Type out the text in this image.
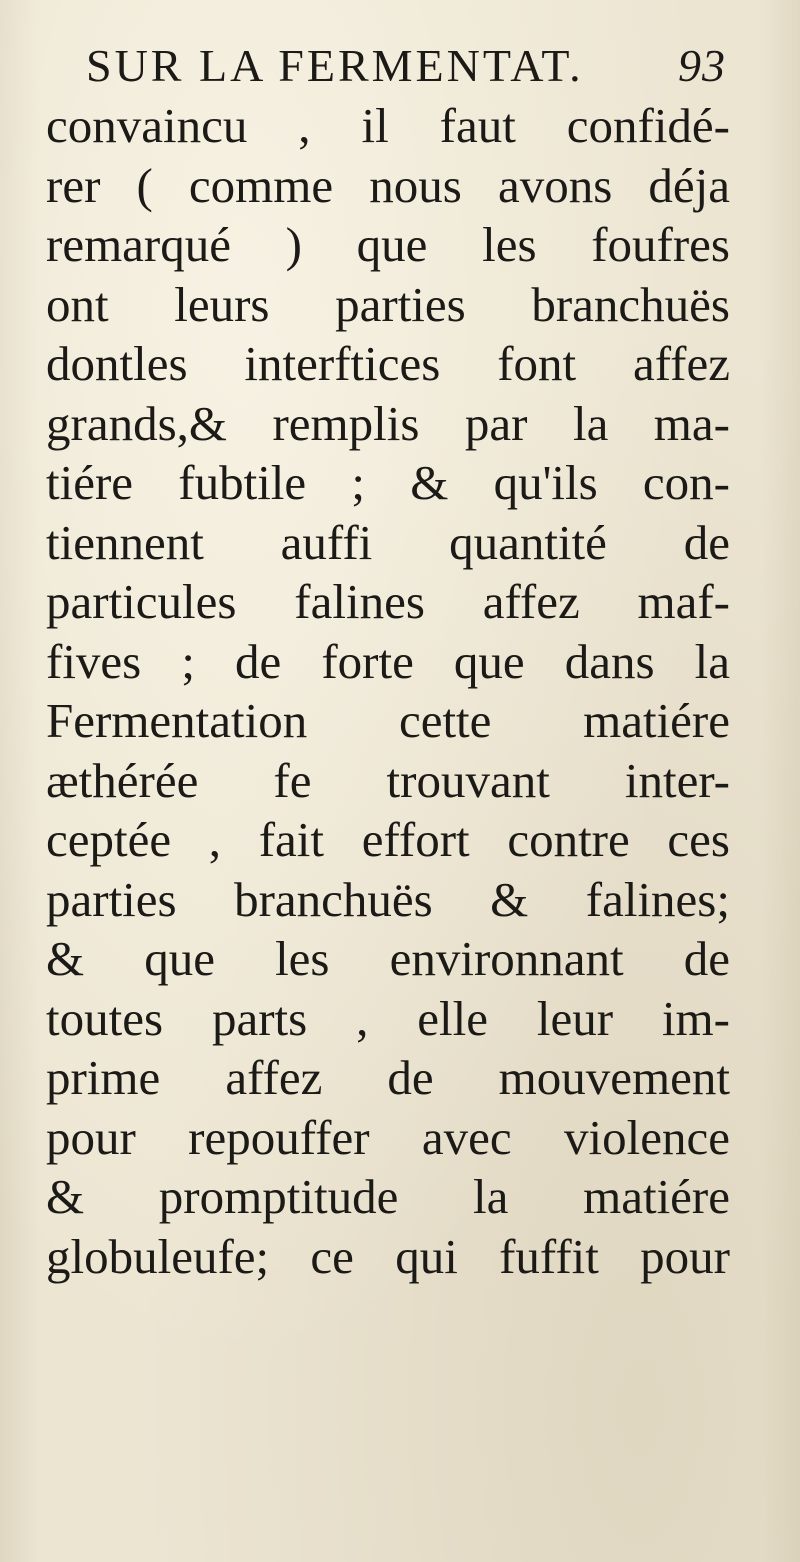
SUR LA FERMENTAT. 93
convaincu , il faut confidé-
rer ( comme nous avons déja
remarqué ) que les foufres
ont leurs parties branchuës
dontles interftices font affez
grands,& remplis par la ma-
tiére fubtile ; & qu'ils con-
tiennent auffi quantité de
particules falines affez maf-
fives ; de forte que dans la
Fermentation cette matiére
æthérée fe trouvant inter-
ceptée , fait effort contre ces
parties branchuës & falines;
& que les environnant de
toutes parts , elle leur im-
prime affez de mouvement
pour repouffer avec violence
& promptitude la matiére
globuleufe; ce qui fuffit pour
